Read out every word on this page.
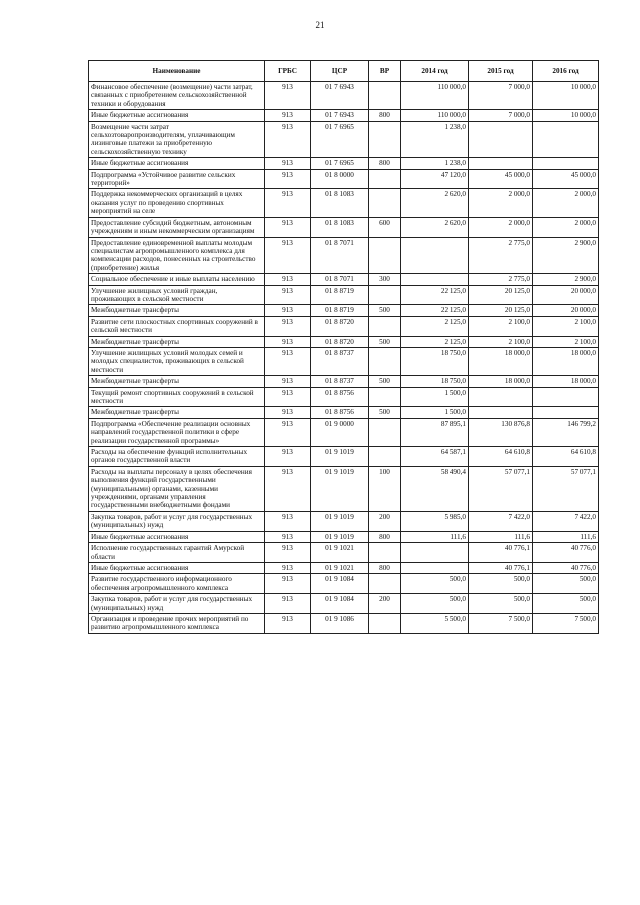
21
Наименование	ГРБС	ЦСР	ВР	2014 год	2015 год	2016 год
Финансовое обеспечение (возмещение) части затрат, связанных с приобретением сельскохозяйственной техники и оборудования	913	01 7 6943		110 000,0	7 000,0	10 000,0
Иные бюджетные ассигнования	913	01 7 6943	800	110 000,0	7 000,0	10 000,0
Возмещение части затрат сельхозтоваропроизводителям, уплачивающим лизинговые платежи за приобретенную сельскохозяйственную технику	913	01 7 6965		1 238,0		
Иные бюджетные ассигнования	913	01 7 6965	800	1 238,0		
Подпрограмма «Устойчивое развитие сельских территорий»	913	01 8 0000		47 120,0	45 000,0	45 000,0
Поддержка некоммерческих организаций в целях оказания услуг по проведению спортивных мероприятий на селе	913	01 8 1083		2 620,0	2 000,0	2 000,0
Предоставление субсидий бюджетным, автономным учреждениям и иным некоммерческим организациям	913	01 8 1083	600	2 620,0	2 000,0	2 000,0
Предоставление единовременной выплаты молодым специалистам агропромышленного комплекса для компенсации расходов, понесенных на строительство (приобретение) жилья	913	01 8 7071			2 775,0	2 900,0
Социальное обеспечение и иные выплаты населению	913	01 8 7071	300		2 775,0	2 900,0
Улучшение жилищных условий граждан, проживающих в сельской местности	913	01 8 8719		22 125,0	20 125,0	20 000,0
Межбюджетные трансферты	913	01 8 8719	500	22 125,0	20 125,0	20 000,0
Развитие сети плоскостных спортивных сооружений в сельской местности	913	01 8 8720		2 125,0	2 100,0	2 100,0
Межбюджетные трансферты	913	01 8 8720	500	2 125,0	2 100,0	2 100,0
Улучшение жилищных условий молодых семей и молодых специалистов, проживающих в сельской местности	913	01 8 8737		18 750,0	18 000,0	18 000,0
Межбюджетные трансферты	913	01 8 8737	500	18 750,0	18 000,0	18 000,0
Текущий ремонт спортивных сооружений в сельской местности	913	01 8 8756		1 500,0		
Межбюджетные трансферты	913	01 8 8756	500	1 500,0		
Подпрограмма «Обеспечение реализации основных направлений государственной политики в сфере реализации государственной программы»	913	01 9 0000		87 895,1	130 876,8	146 799,2
Расходы на обеспечение функций исполнительных органов государственной власти	913	01 9 1019		64 587,1	64 610,8	64 610,8
Расходы на выплаты персоналу в целях обеспечения выполнения функций государственными (муниципальными) органами, казенными учреждениями, органами управления государственными внебюджетными фондами	913	01 9 1019	100	58 490,4	57 077,1	57 077,1
Закупка товаров, работ и услуг для государственных (муниципальных) нужд	913	01 9 1019	200	5 985,0	7 422,0	7 422,0
Иные бюджетные ассигнования	913	01 9 1019	800	111,6	111,6	111,6
Исполнение государственных гарантий Амурской области	913	01 9 1021			40 776,1	40 776,0
Иные бюджетные ассигнования	913	01 9 1021	800		40 776,1	40 776,0
Развитие государственного информационного обеспечения агропромышленного комплекса	913	01 9 1084		500,0	500,0	500,0
Закупка товаров, работ и услуг для государственных (муниципальных) нужд	913	01 9 1084	200	500,0	500,0	500,0
Организация и проведение прочих мероприятий по развитию агропромышленного комплекса	913	01 9 1086		5 500,0	7 500,0	7 500,0
